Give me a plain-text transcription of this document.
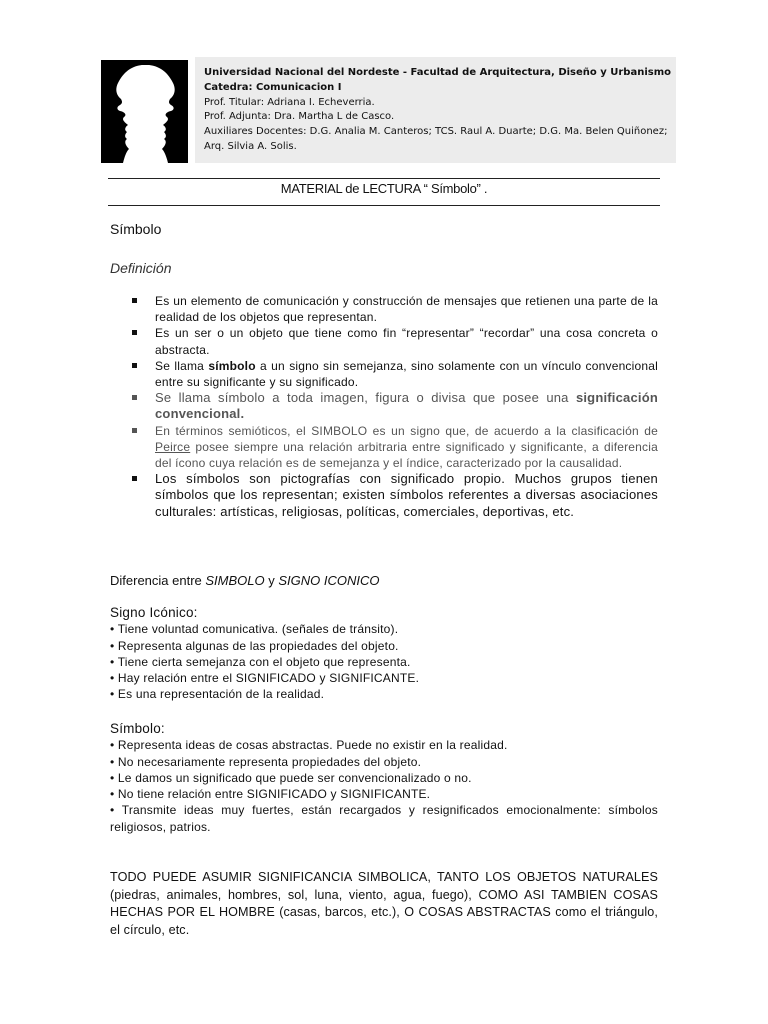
Universidad Nacional del Nordeste - Facultad de Arquitectura, Diseño y Urbanismo
Catedra: Comunicacion I
Prof. Titular: Adriana I. Echeverria.
Prof. Adjunta: Dra. Martha L de Casco.
Auxiliares Docentes: D.G. Analia M. Canteros; TCS. Raul A. Duarte; D.G. Ma. Belen Quiñonez;
Arq. Silvia A. Solis.
MATERIAL de LECTURA “ Símbolo” .
Símbolo
Definición
Es un elemento de comunicación y construcción de mensajes que retienen una parte de la realidad de los objetos que representan.
Es un ser o un objeto que tiene como fin “representar” “recordar” una cosa concreta o abstracta.
Se llama símbolo a un signo sin semejanza, sino solamente con un vínculo convencional entre su significante y su significado.
Se llama símbolo a toda imagen, figura o divisa que posee una significación convencional.
En términos semióticos, el SIMBOLO es un signo que, de acuerdo a la clasificación de Peirce posee siempre una relación arbitraria entre significado y significante, a diferencia del ícono cuya relación es de semejanza y el índice, caracterizado por la causalidad.
Los símbolos son pictografías con significado propio. Muchos grupos tienen símbolos que los representan; existen símbolos referentes a diversas asociaciones culturales: artísticas, religiosas, políticas, comerciales, deportivas, etc.
Diferencia entre SIMBOLO y SIGNO ICONICO
Signo Icónico:
• Tiene voluntad comunicativa. (señales de tránsito).
• Representa algunas de las propiedades del objeto.
• Tiene cierta semejanza con el objeto que representa.
• Hay relación entre el SIGNIFICADO y SIGNIFICANTE.
• Es una representación de la realidad.
Símbolo:
• Representa ideas de cosas abstractas. Puede no existir en la realidad.
• No necesariamente representa propiedades del objeto.
• Le damos un significado que puede ser convencionalizado o no.
• No tiene relación entre SIGNIFICADO y SIGNIFICANTE.
• Transmite ideas muy fuertes, están recargados y resignificados emocionalmente: símbolos religiosos, patrios.
TODO PUEDE ASUMIR SIGNIFICANCIA SIMBOLICA, TANTO LOS OBJETOS NATURALES (piedras, animales, hombres, sol, luna, viento, agua, fuego), COMO ASI TAMBIEN COSAS HECHAS POR EL HOMBRE (casas, barcos, etc.), O COSAS ABSTRACTAS como el triángulo, el círculo, etc.
